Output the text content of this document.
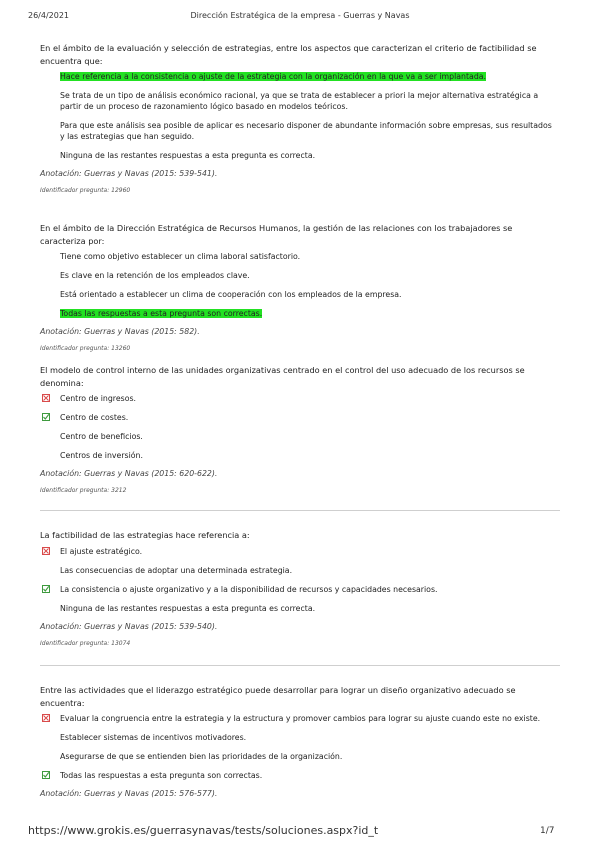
26/4/2021	Dirección Estratégica de la empresa - Guerras y Navas

En el ámbito de la evaluación y selección de estrategias, entre los aspectos que caracterizan el criterio de factibilidad se encuentra que:

Hace referencia a la consistencia o ajuste de la estrategia con la organización en la que va a ser implantada.
Se trata de un tipo de análisis económico racional, ya que se trata de establecer a priori la mejor alternativa estratégica a partir de un proceso de razonamiento lógico basado en modelos teóricos.
Para que este análisis sea posible de aplicar es necesario disponer de abundante información sobre empresas, sus resultados y las estrategias que han seguido.
Ninguna de las restantes respuestas a esta pregunta es correcta.
Anotación: Guerras y Navas (2015: 539-541).
Identificador pregunta: 12960

En el ámbito de la Dirección Estratégica de Recursos Humanos, la gestión de las relaciones con los trabajadores se caracteriza por:

Tiene como objetivo establecer un clima laboral satisfactorio.
Es clave en la retención de los empleados clave.
Está orientado a establecer un clima de cooperación con los empleados de la empresa.
Todas las respuestas a esta pregunta son correctas.
Anotación: Guerras y Navas (2015: 582).
Identificador pregunta: 13260

El modelo de control interno de las unidades organizativas centrado en el control del uso adecuado de los recursos se denomina:

Centro de ingresos.
Centro de costes.
Centro de beneficios.
Centros de inversión.
Anotación: Guerras y Navas (2015: 620-622).
Identificador pregunta: 3212

La factibilidad de las estrategias hace referencia a:

El ajuste estratégico.
Las consecuencias de adoptar una determinada estrategia.
La consistencia o ajuste organizativo y a la disponibilidad de recursos y capacidades necesarios.
Ninguna de las restantes respuestas a esta pregunta es correcta.
Anotación: Guerras y Navas (2015: 539-540).
Identificador pregunta: 13074

Entre las actividades que el liderazgo estratégico puede desarrollar para lograr un diseño organizativo adecuado se encuentra:

Evaluar la congruencia entre la estrategia y la estructura y promover cambios para lograr su ajuste cuando este no existe.
Establecer sistemas de incentivos motivadores.
Asegurarse de que se entienden bien las prioridades de la organización.
Todas las respuestas a esta pregunta son correctas.
Anotación: Guerras y Navas (2015: 576-577).
https://www.grokis.es/guerrasynavas/tests/soluciones.aspx?id_t	1/7
